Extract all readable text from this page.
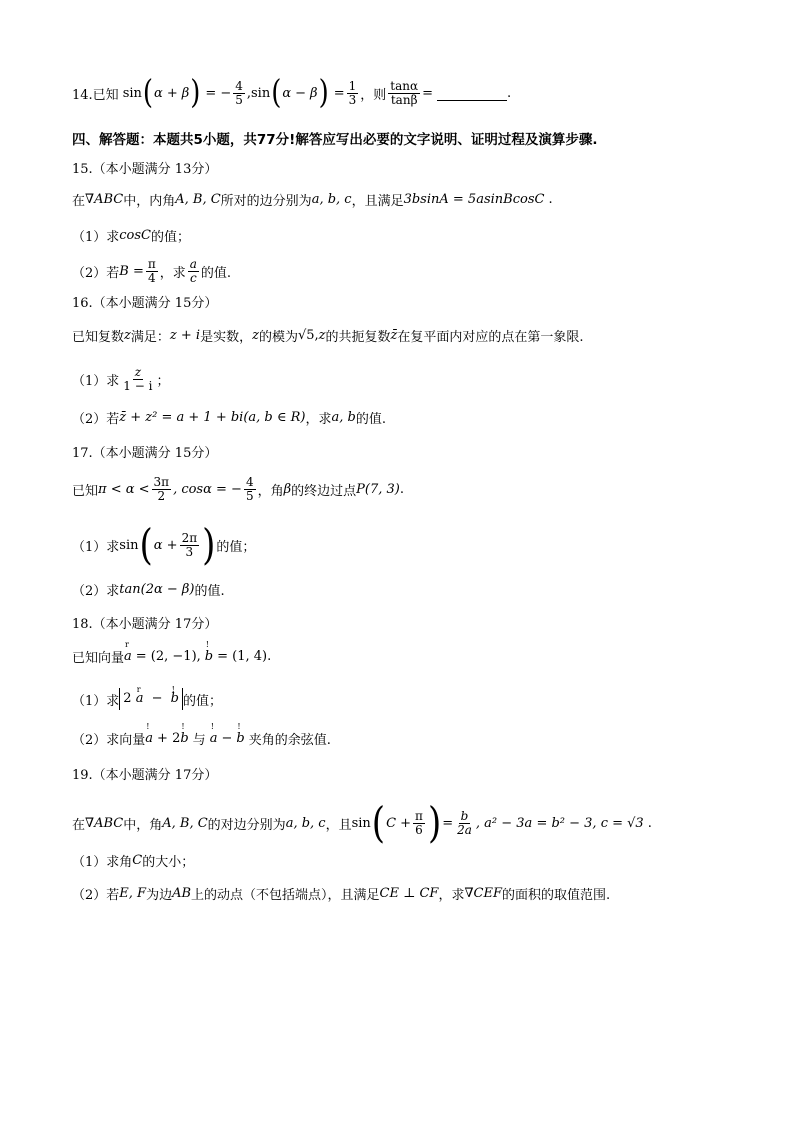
14.已知 sin ( α + β ) = − $\frac{4}{5}$ , sin ( α − β ) = $\frac{1}{3}$ ，则 $\frac{\tan\alpha}{\tan\beta}$ =	.
四、解答题：本题共5小题，共77分!解答应写出必要的文字说明、证明过程及演算步骤.
15.（本小题满分 13分）
在 ∇ABC 中，内角 A, B, C 所对的边分别为 a, b, c ，且满足 3bsinA = 5asinBcosC .
（1）求 cosC 的值；
（2）若 $B = \frac{\pi}{4}$ ，求 $\frac{a}{c}$ 的值.
16.（本小题满分 15分）
已知复数 z 满足： z + i 是实数， z 的模为 √5 , z 的共扼复数 z̄ 在复平面内对应的点在第一象限.
（1）求 $\frac{z}{1 - i}$ ；
（2）若 z̄ + z² = a + 1 + bi(a, b ∈ R) ，求 a, b 的值.
17.（本小题满分 15分）
已知 $\pi < \alpha < \frac{3\pi}{2}$ , cosα = − $\frac{4}{5}$ ，角 β 的终边过点 P(7, 3) .
（1）求 sin ( $\alpha + \frac{2\pi}{3}$ ) 的值；
（2）求 tan(2α − β) 的值.
18.（本小题满分 17分）
已知向量 r a = (2, −1), ! b = (1, 4).
（1）求 2 r a − ! b 的值；
（2）求向量 ! a + 2 ! b 与 ! a − ! b 夹角的余弦值.
19.（本小题满分 17分）
在 ∇ABC 中，角 A, B, C 的对边分别为 a, b, c ，且 sin ( $C + \frac{\pi}{6}$ ) = $\frac{b}{2a}$ , a² − 3a = b² − 3, c = √3 .
（1）求角 C 的大小；
（2）若 E, F 为边 AB 上的动点（不包括端点），且满足 CE ⊥ CF ，求 ∇CEF 的面积的取值范围.
